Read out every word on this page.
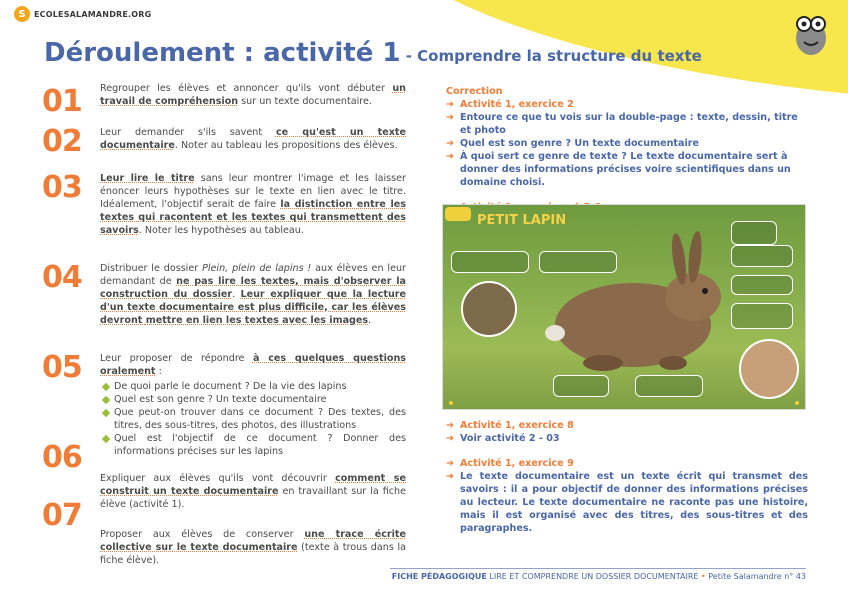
S	ECOLESALAMANDRE.ORG
Déroulement : activité 1 - Comprendre la structure du texte
01 Regrouper les élèves et annoncer qu'ils vont débuter un travail de compréhension sur un texte documentaire.
02 Leur demander s'ils savent ce qu'est un texte documentaire. Noter au tableau les propositions des élèves.
03 Leur lire le titre sans leur montrer l'image et les laisser énoncer leurs hypothèses sur le texte en lien avec le titre. Idéalement, l'objectif serait de faire la distinction entre les textes qui racontent et les textes qui transmettent des savoirs. Noter les hypothèses au tableau.
04 Distribuer le dossier Plein, plein de lapins ! aux élèves en leur demandant de ne pas lire les textes, mais d'observer la construction du dossier. Leur expliquer que la lecture d'un texte documentaire est plus difficile, car les élèves devront mettre en lien les textes avec les images.
05 Leur proposer de répondre à ces quelques questions oralement :
De quoi parle le document ? De la vie des lapins
Quel est son genre ? Un texte documentaire
Que peut-on trouver dans ce document ? Des textes, des titres, des sous-titres, des photos, des illustrations
Quel est l'objectif de ce document ? Donner des informations précises sur les lapins
06
Expliquer aux élèves qu'ils vont découvrir comment se construit un texte documentaire en travaillant sur la fiche élève (activité 1).
07
Proposer aux élèves de conserver une trace écrite collective sur le texte documentaire (texte à trous dans la fiche élève).
Correction
➜ Activité 1, exercice 2
➜ Entoure ce que tu vois sur la double-page : texte, dessin, titre et photo
➜ Quel est son genre ? Un texte documentaire
➜ À quoi sert ce genre de texte ? Le texte documentaire sert à donner des informations précises voire scientifiques dans un domaine choisi.
PETIT LAPIN
➜ Activité 1, exercice 8
➜ Voir activité 2 - 03
➜ Activité 1, exercice 9
➜ Le texte documentaire est un texte écrit qui transmet des savoirs : il a pour objectif de donner des informations précises au lecteur. Le texte documentaire ne raconte pas une histoire, mais il est organisé avec des titres, des sous-titres et des paragraphes.
FICHE PÉDAGOGIQUE LIRE ET COMPRENDRE UN DOSSIER DOCUMENTAIRE • Petite Salamandre n° 43
